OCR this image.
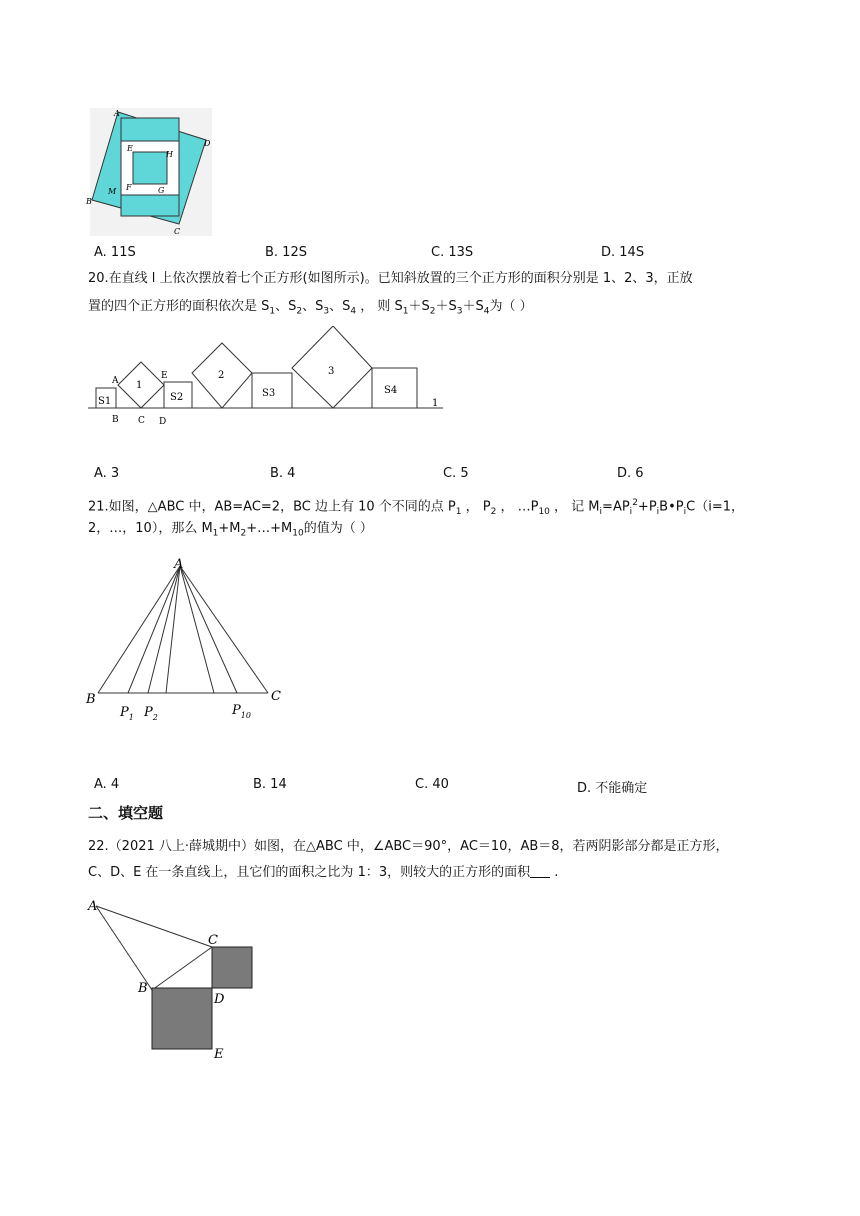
A
D
B
C
E
H
F	G
M
A. 11S	B. 12S	C. 13S	D. 14S
20.在直线 l 上依次摆放着七个正方形(如图所示)。已知斜放置的三个正方形的面积分别是 1、2、3，正放
置的四个正方形的面积依次是 $S_1$、$S_2$、$S_3$、$S_4$ ， 则 $S_1+S_2+S_3+S_4$为（ ）
S1
1
S2
2
S3
3
S4
1
A	E
B C D
A. 3	B. 4	C. 5	D. 6
21.如图，△ABC 中，AB=AC=2，BC 边上有 10 个不同的点 $P_1$ ， $P_2$ ， $\dots P_{10}$ ， 记 $M_i=AP_i^2+P_iB•P_iC(i=1$，
2，…，10），那么 $M_1+M_2+\dots+M_{10}$的值为（ ）
A
B	C
$P_1$ $P_2$	$P_{10}$
A. 4	B. 14	C. 40	D. 不能确定
二、填空题
22.（2021 八上·薛城期中）如图，在△ABC 中，∠ABC＝90°，AC＝10，AB＝8，若两阴影部分都是正方形，
C、D、E 在一条直线上，且它们的面积之比为 1：3，则较大的正方形的面积 .
A
C
B
D
E
